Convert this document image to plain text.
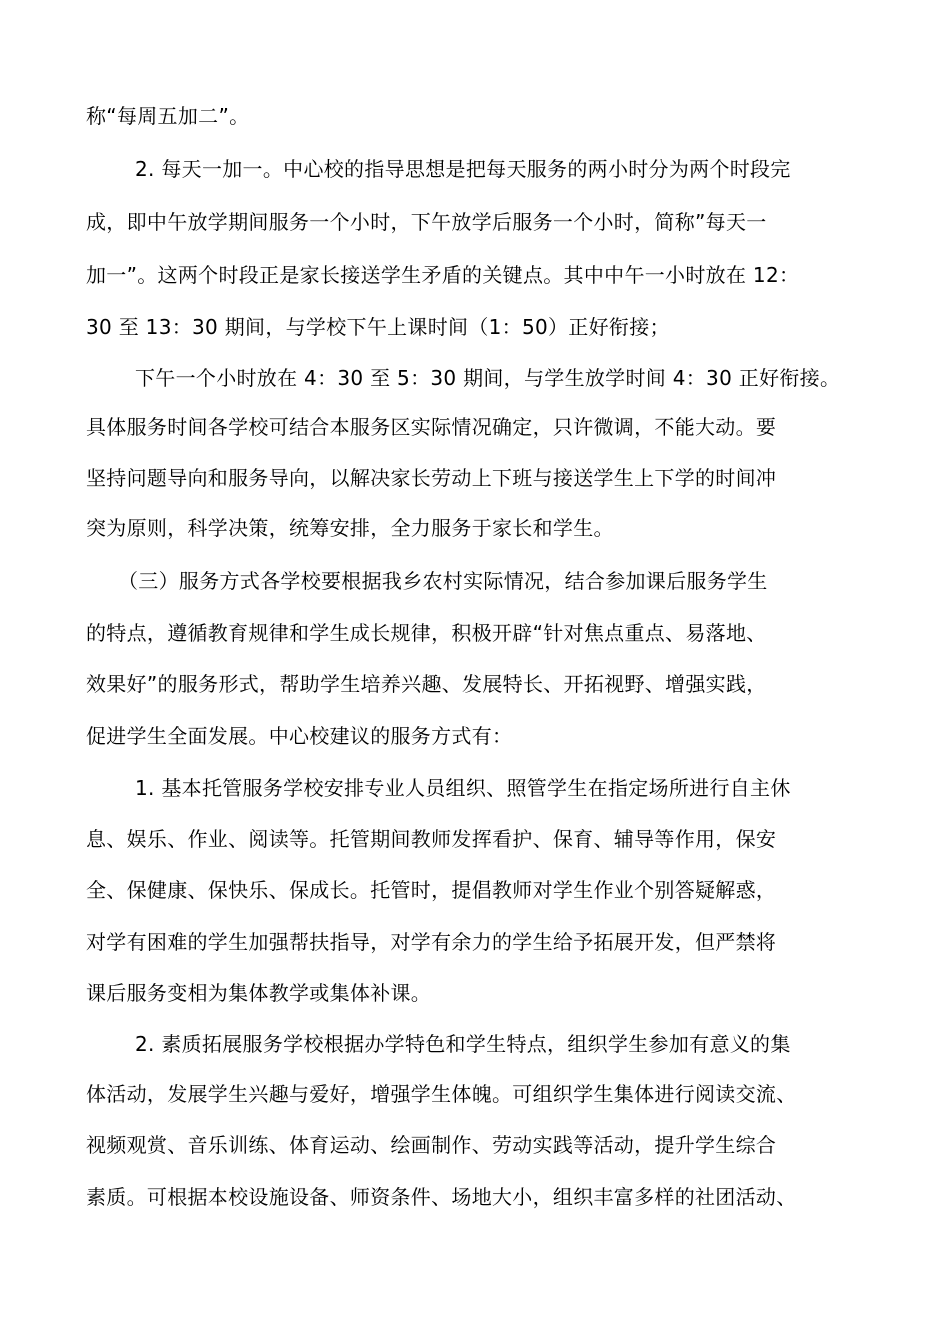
称“每周五加二”。
2. 每天一加一。中心校的指导思想是把每天服务的两小时分为两个时段完
成，即中午放学期间服务一个小时，下午放学后服务一个小时，简称”每天一
加一”。这两个时段正是家长接送学生矛盾的关键点。其中中午一小时放在 12：
30 至 13：30 期间，与学校下午上课时间（1：50）正好衔接；
下午一个小时放在 4：30 至 5：30 期间，与学生放学时间 4：30 正好衔接。
具体服务时间各学校可结合本服务区实际情况确定，只许微调，不能大动。要
坚持问题导向和服务导向，以解决家长劳动上下班与接送学生上下学的时间冲
突为原则，科学决策，统筹安排，全力服务于家长和学生。
（三）服务方式各学校要根据我乡农村实际情况，结合参加课后服务学生
的特点，遵循教育规律和学生成长规律，积极开辟“针对焦点重点、易落地、
效果好”的服务形式，帮助学生培养兴趣、发展特长、开拓视野、增强实践，
促进学生全面发展。中心校建议的服务方式有：
1. 基本托管服务学校安排专业人员组织、照管学生在指定场所进行自主休
息、娱乐、作业、阅读等。托管期间教师发挥看护、保育、辅导等作用，保安
全、保健康、保快乐、保成长。托管时，提倡教师对学生作业个别答疑解惑，
对学有困难的学生加强帮扶指导，对学有余力的学生给予拓展开发，但严禁将
课后服务变相为集体教学或集体补课。
2. 素质拓展服务学校根据办学特色和学生特点，组织学生参加有意义的集
体活动，发展学生兴趣与爱好，增强学生体魄。可组织学生集体进行阅读交流、
视频观赏、音乐训练、体育运动、绘画制作、劳动实践等活动，提升学生综合
素质。可根据本校设施设备、师资条件、场地大小，组织丰富多样的社团活动、
